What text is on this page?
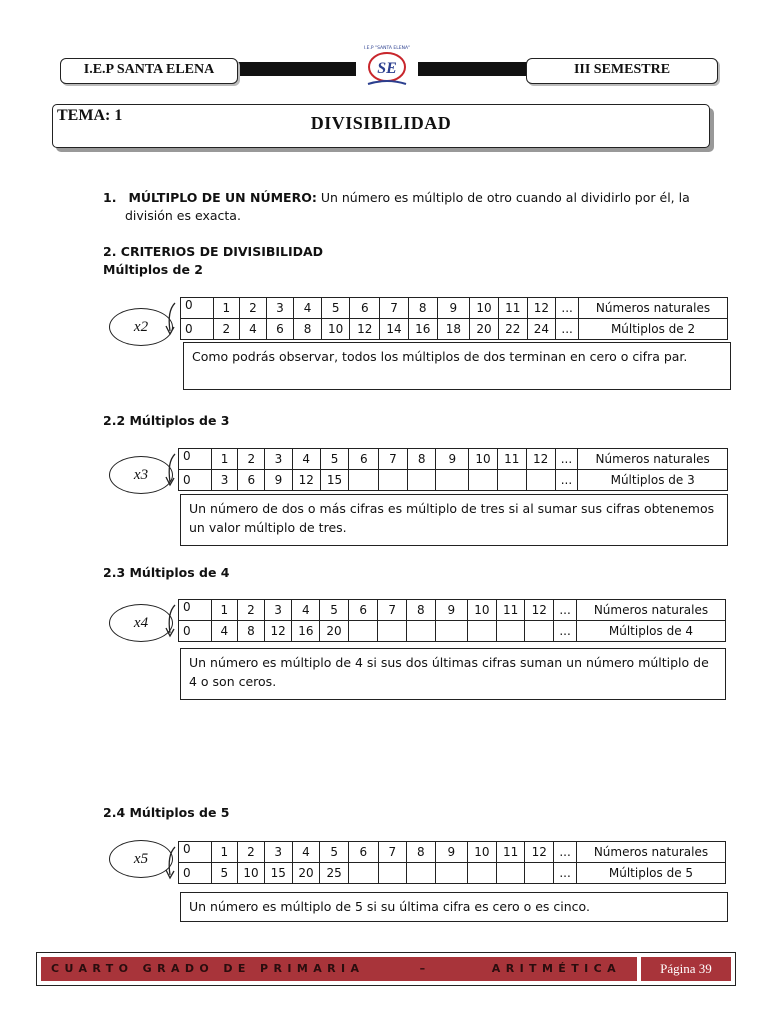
I.E.P SANTA ELENA	III SEMESTRE
I.E.P "SANTA ELENA"
SE
TEMA: 1	DIVISIBILIDAD
1. MÚLTIPLO DE UN NÚMERO: Un número es múltiplo de otro cuando al dividirlo por él, la
división es exacta.
2. CRITERIOS DE DIVISIBILIDAD
Múltiplos de 2
2.2 Múltiplos de 3
2.3 Múltiplos de 4
2.4 Múltiplos de 5
x2
0	1	2	3	4	5	6	7	8	9	10	11	12	...	Números naturales
0	2	4	6	8	10	12	14	16	18	20	22	24	...	Múltiplos de 2
Como podrás observar, todos los múltiplos de dos terminan en cero o cifra par.
x3
0	1	2	3	4	5	6	7	8	9	10	11	12	...	Números naturales
0	3	6	9	12	15								...	Múltiplos de 3
Un número de dos o más cifras es múltiplo de tres si al sumar sus cifras obtenemos
un valor múltiplo de tres.
x4
0	1	2	3	4	5	6	7	8	9	10	11	12	...	Números naturales
0	4	8	12	16	20								...	Múltiplos de 4
Un número es múltiplo de 4 si sus dos últimas cifras suman un número múltiplo de
4 o son ceros.
x5
0	1	2	3	4	5	6	7	8	9	10	11	12	...	Números naturales
0	5	10	15	20	25								...	Múltiplos de 5
Un número es múltiplo de 5 si su última cifra es cero o es cinco.
CUARTO GRADO DE PRIMARIA	–	ARITMÉTICA	Página 39
